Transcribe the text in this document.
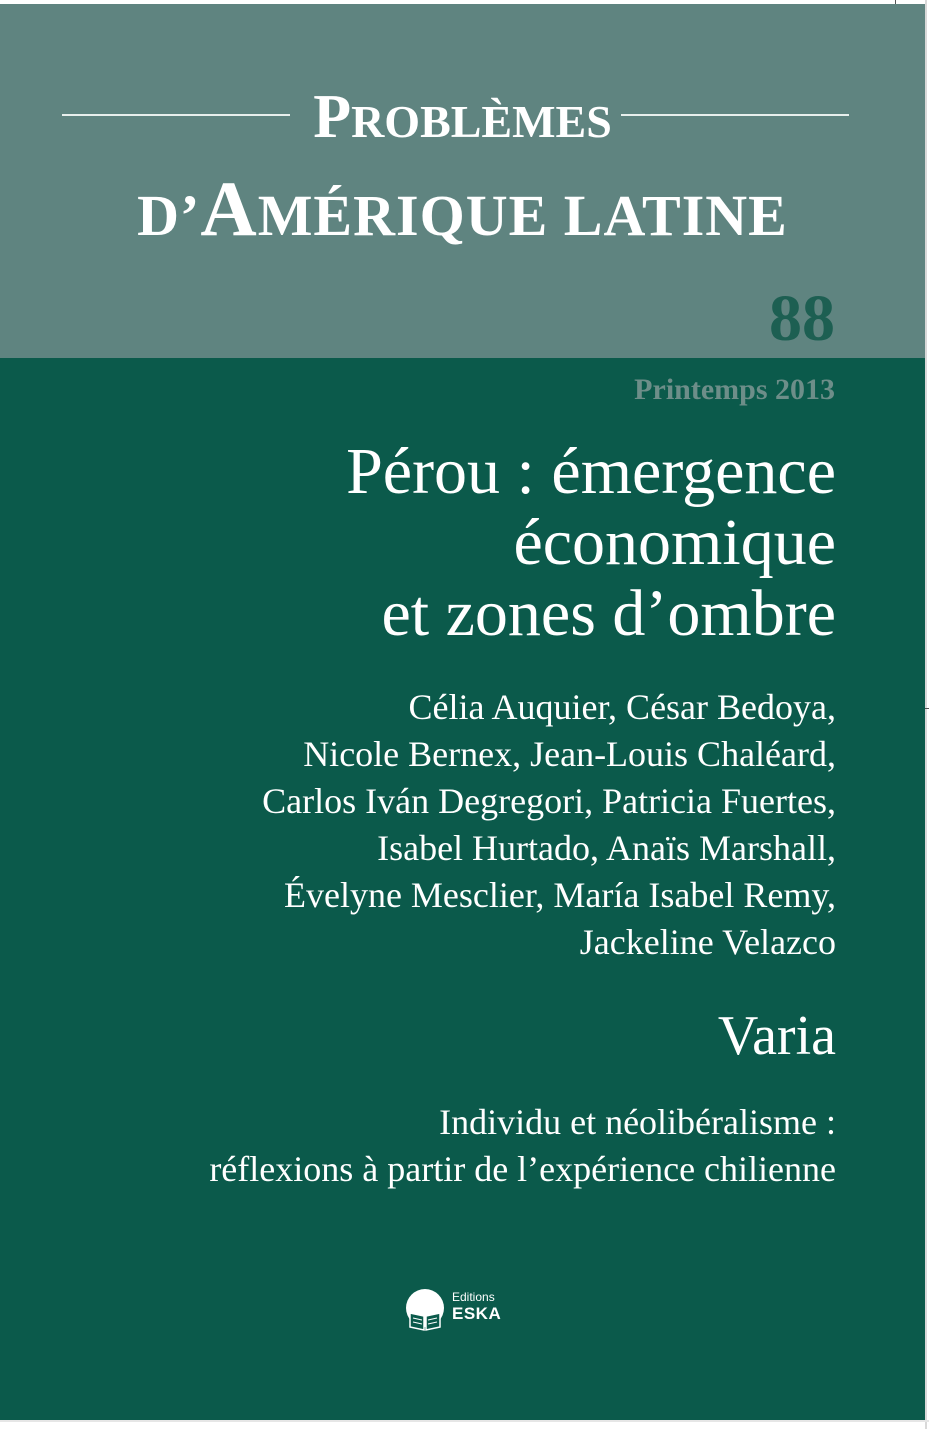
PROBLÈMES
D’AMÉRIQUE LATINE
88
Printemps 2013
Pérou : émergence
économique
et zones d’ombre
Célia Auquier, César Bedoya,
Nicole Bernex, Jean-Louis Chaléard,
Carlos Iván Degregori, Patricia Fuertes,
Isabel Hurtado, Anaïs Marshall,
Évelyne Mesclier, María Isabel Remy,
Jackeline Velazco
Varia
Individu et néolibéralisme :
réflexions à partir de l’expérience chilienne
Editions
ESKA
